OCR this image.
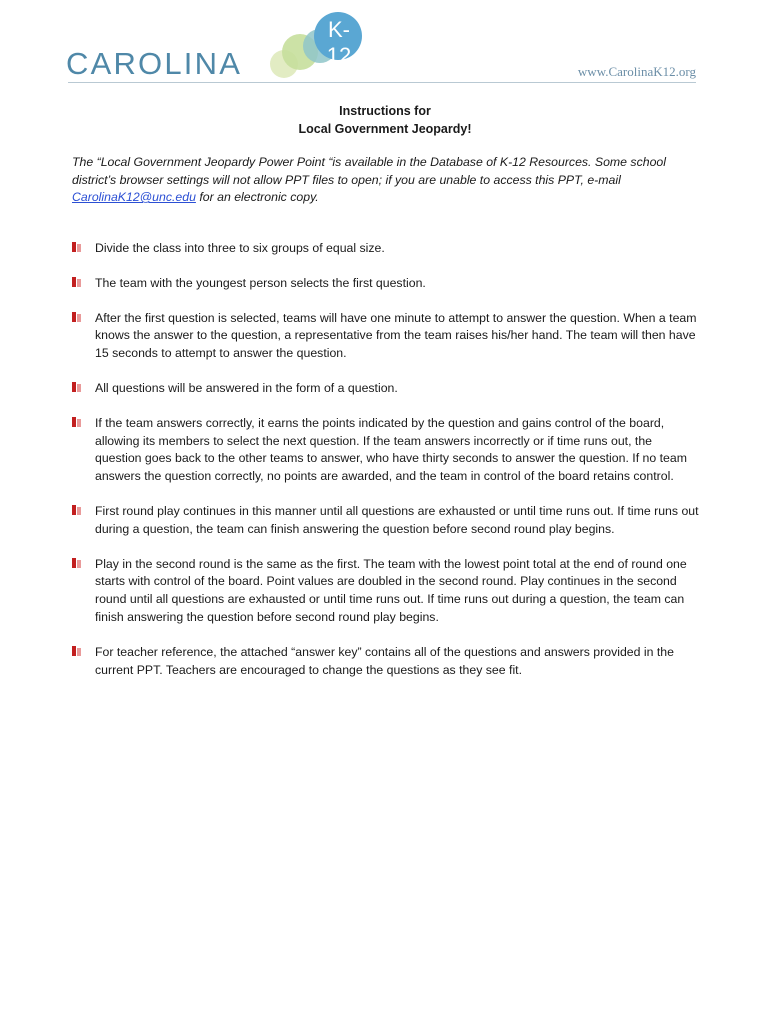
K-12
CAROLINA	www.CarolinaK12.org
Instructions for
Local Government Jeopardy!
The “Local Government Jeopardy Power Point “is available in the Database of K-12 Resources. Some school district’s browser settings will not allow PPT files to open; if you are unable to access this PPT, e-mail CarolinaK12@unc.edu for an electronic copy.
Divide the class into three to six groups of equal size.
The team with the youngest person selects the first question.
After the first question is selected, teams will have one minute to attempt to answer the question. When a team knows the answer to the question, a representative from the team raises his/her hand. The team will then have 15 seconds to attempt to answer the question.
All questions will be answered in the form of a question.
If the team answers correctly, it earns the points indicated by the question and gains control of the board, allowing its members to select the next question. If the team answers incorrectly or if time runs out, the question goes back to the other teams to answer, who have thirty seconds to answer the question. If no team answers the question correctly, no points are awarded, and the team in control of the board retains control.
First round play continues in this manner until all questions are exhausted or until time runs out. If time runs out during a question, the team can finish answering the question before second round play begins.
Play in the second round is the same as the first. The team with the lowest point total at the end of round one starts with control of the board. Point values are doubled in the second round. Play continues in the second round until all questions are exhausted or until time runs out. If time runs out during a question, the team can finish answering the question before second round play begins.
For teacher reference, the attached “answer key” contains all of the questions and answers provided in the current PPT. Teachers are encouraged to change the questions as they see fit.
